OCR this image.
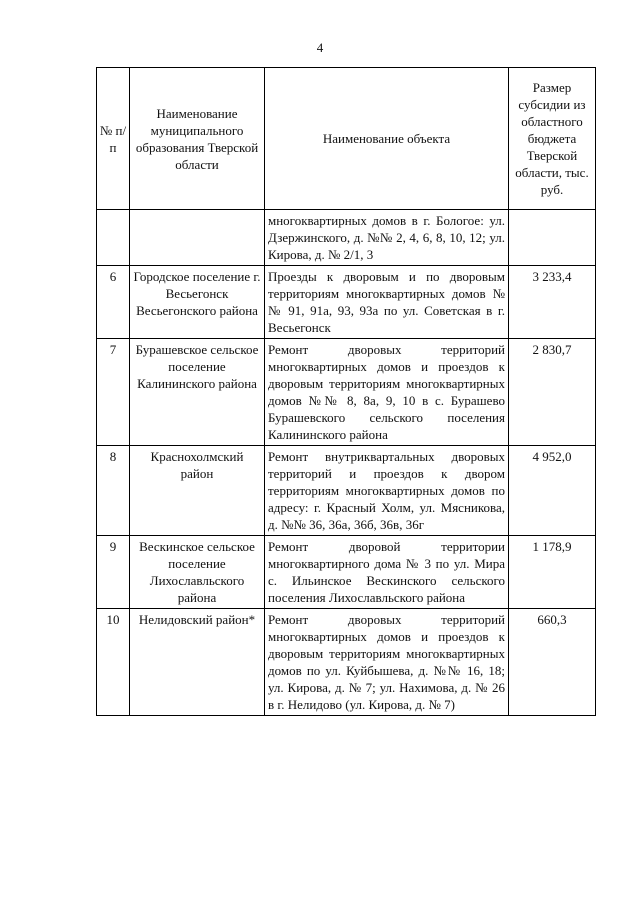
4
№ п/п	Наименование муниципального образования Тверской области	Наименование объекта	Размер субсидии из областного бюджета Тверской области, тыс. руб.
		многоквартирных домов в г. Бологое: ул. Дзержинского, д. №№ 2, 4, 6, 8, 10, 12; ул. Кирова, д. № 2/1, 3	
6	Городское поселение г. Весьегонск Весьегонского района	Проезды к дворовым и по дворовым территориям многоквартирных домов №№ 91, 91а, 93, 93а по ул. Советская в г. Весьегонск	3 233,4
7	Бурашевское сельское поселение Калининского района	Ремонт дворовых территорий многоквартирных домов и проездов к дворовым территориям многоквартирных домов №№ 8, 8а, 9, 10 в с. Бурашево Бурашевского сельского поселения Калининского района	2 830,7
8	Краснохолмский район	Ремонт внутриквартальных дворовых территорий и проездов к двором территориям многоквартирных домов по адресу: г. Красный Холм, ул. Мясникова, д. №№ 36, 36а, 36б, 36в, 36г	4 952,0
9	Вескинское сельское поселение Лихославльского района	Ремонт дворовой территории многоквартирного дома № 3 по ул. Мира с. Ильинское Вескинского сельского поселения Лихославльского района	1 178,9
10	Нелидовский район*	Ремонт дворовых территорий многоквартирных домов и проездов к дворовым территориям многоквартирных домов по ул. Куйбышева, д. №№ 16, 18; ул. Кирова, д. № 7; ул. Нахимова, д. № 26 в г. Нелидово (ул. Кирова, д. № 7)	660,3
